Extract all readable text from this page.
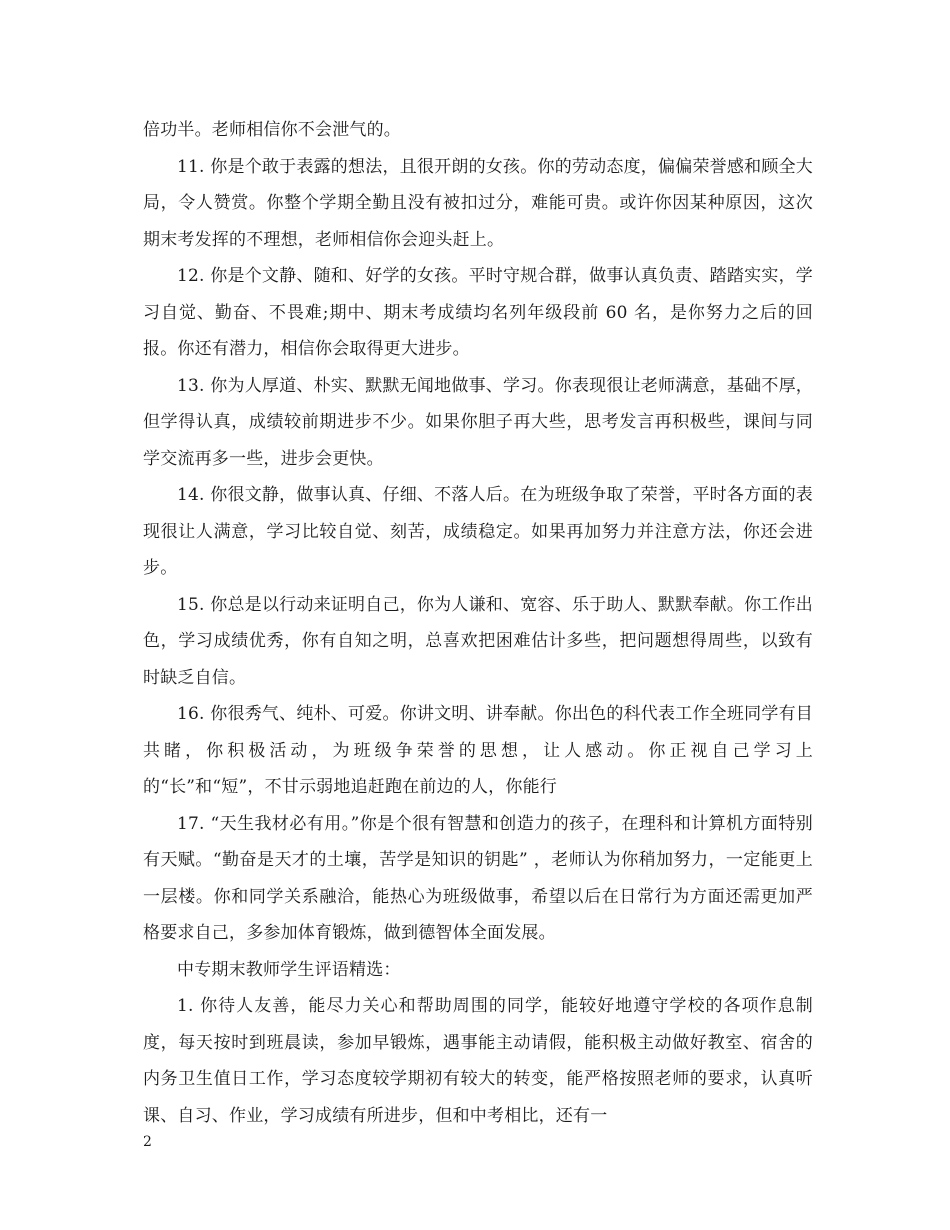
倍功半。老师相信你不会泄气的。

11. 你是个敢于表露的想法，且很开朗的女孩。你的劳动态度，偏偏荣誉感和顾全大局，令人赞赏。你整个学期全勤且没有被扣过分，难能可贵。或许你因某种原因，这次期末考发挥的不理想，老师相信你会迎头赶上。

12. 你是个文静、随和、好学的女孩。平时守规合群，做事认真负责、踏踏实实，学习自觉、勤奋、不畏难;期中、期末考成绩均名列年级段前 60 名，是你努力之后的回报。你还有潜力，相信你会取得更大进步。

13. 你为人厚道、朴实、默默无闻地做事、学习。你表现很让老师满意，基础不厚，但学得认真，成绩较前期进步不少。如果你胆子再大些，思考发言再积极些，课间与同学交流再多一些，进步会更快。

14. 你很文静，做事认真、仔细、不落人后。在为班级争取了荣誉，平时各方面的表现很让人满意，学习比较自觉、刻苦，成绩稳定。如果再加努力并注意方法，你还会进步。

15. 你总是以行动来证明自己，你为人谦和、宽容、乐于助人、默默奉献。你工作出色，学习成绩优秀，你有自知之明，总喜欢把困难估计多些，把问题想得周些，以致有时缺乏自信。

16. 你很秀气、纯朴、可爱。你讲文明、讲奉献。你出色的科代表工作全班同学有目共睹，你积极活动，为班级争荣誉的思想，让人感动。你正视自己学习上的“长”和“短”，不甘示弱地追赶跑在前边的人，你能行

17. “天生我材必有用。”你是个很有智慧和创造力的孩子，在理科和计算机方面特别有天赋。“勤奋是天才的土壤，苦学是知识的钥匙” ，老师认为你稍加努力，一定能更上一层楼。你和同学关系融洽，能热心为班级做事，希望以后在日常行为方面还需更加严格要求自己，多参加体育锻炼，做到德智体全面发展。

中专期末教师学生评语精选：

1. 你待人友善，能尽力关心和帮助周围的同学，能较好地遵守学校的各项作息制度，每天按时到班晨读，参加早锻炼，遇事能主动请假，能积极主动做好教室、宿舍的内务卫生值日工作，学习态度较学期初有较大的转变，能严格按照老师的要求，认真听课、自习、作业，学习成绩有所进步，但和中考相比，还有一

2
